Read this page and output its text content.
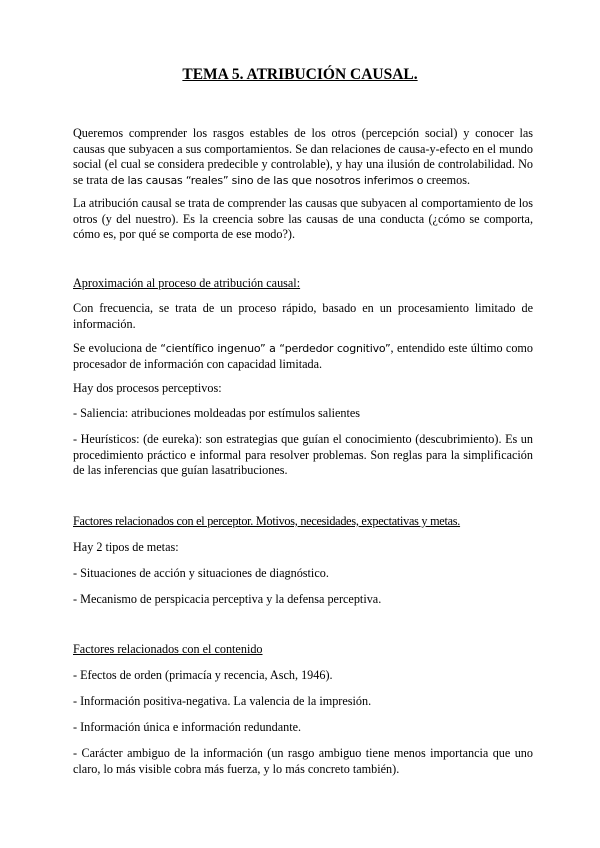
TEMA 5. ATRIBUCIÓN CAUSAL.

Queremos comprender los rasgos estables de los otros (percepción social) y conocer las causas que subyacen a sus comportamientos. Se dan relaciones de causa-y-efecto en el mundo social (el cual se considera predecible y controlable), y hay una ilusión de controlabilidad. No se trata de las causas “reales” sino de las que nosotros inferimos o creemos.

La atribución causal se trata de comprender las causas que subyacen al comportamiento de los otros (y del nuestro). Es la creencia sobre las causas de una conducta (¿cómo se comporta, cómo es, por qué se comporta de ese modo?).

Aproximación al proceso de atribución causal:

Con frecuencia, se trata de un proceso rápido, basado en un procesamiento limitado de información.

Se evoluciona de “científico ingenuo” a “perdedor cognitivo”, entendido este último como procesador de información con capacidad limitada.

Hay dos procesos perceptivos:

- Saliencia: atribuciones moldeadas por estímulos salientes

- Heurísticos: (de eureka): son estrategias que guían el conocimiento (descubrimiento). Es un procedimiento práctico e informal para resolver problemas. Son reglas para la simplificación de las inferencias que guían lasatribuciones.

Factores relacionados con el perceptor. Motivos, necesidades, expectativas y metas.

Hay 2 tipos de metas:

- Situaciones de acción y situaciones de diagnóstico.

- Mecanismo de perspicacia perceptiva y la defensa perceptiva.

Factores relacionados con el contenido

- Efectos de orden (primacía y recencia, Asch, 1946).

- Información positiva-negativa. La valencia de la impresión.

- Información única e información redundante.

- Carácter ambiguo de la información (un rasgo ambiguo tiene menos importancia que uno claro, lo más visible cobra más fuerza, y lo más concreto también).
